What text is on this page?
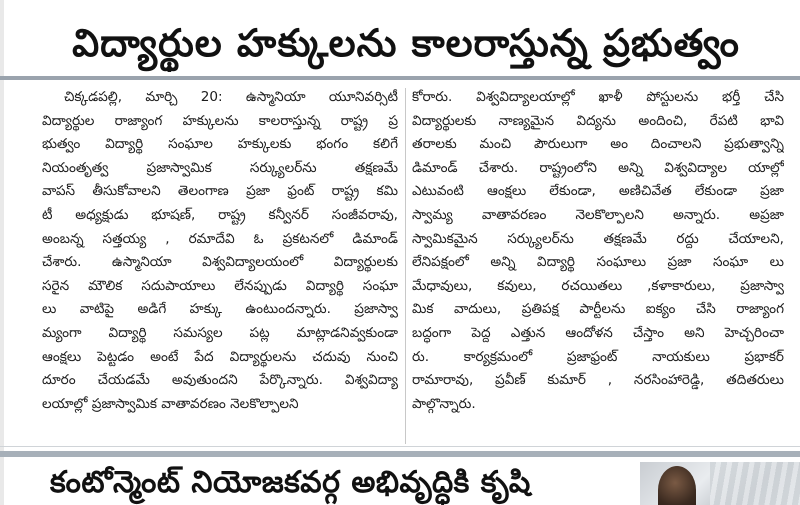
విద్యార్థుల హక్కులను కాలరాస్తున్న ప్రభుత్వం
చిక్కడపల్లి, మార్చి 20: ఉస్మానియా యూనివర్సిటీ
విద్యార్థుల రాజ్యాంగ హక్కులను కాలరాస్తున్న రాష్ట్ర ప్ర
భుత్వం విద్యార్థి సంఘాల హక్కులకు భంగం కలిగే
నియంతృత్వ ప్రజాస్వామిక సర్క్యులర్‌ను తక్షణమే
వాపస్ తీసుకోవాలని తెలంగాణ ప్రజా ఫ్రంట్ రాష్ట్ర కమి
టీ అధ్యక్షుడు భూషణ్, రాష్ట్ర కన్వీనర్ సంజీవరావు,
అంబన్న సత్తయ్య , రమాదేవి ఓ ప్రకటనలో డిమాండ్
చేశారు. ఉస్మానియా విశ్వవిద్యాలయంలో విద్యార్థులకు
సరైన మౌలిక సదుపాయాలు లేనప్పుడు విద్యార్థి సంఘా
లు వాటిపై అడిగే హక్కు ఉంటుందన్నారు. ప్రజాస్వా
మ్యంగా విద్యార్థి సమస్యల పట్ల మాట్లాడనివ్వకుండా
ఆంక్షలు పెట్టడం అంటే పేద విద్యార్థులను చదువు నుంచి
దూరం చేయడమే అవుతుందని పేర్కొన్నారు. విశ్వవిద్యా
లయాల్లో ప్రజాస్వామిక వాతావరణం నెలకొల్పాలని
కోరారు. విశ్వవిద్యాలయాల్లో ఖాళీ పోస్టులను భర్తీ చేసి
విద్యార్థులకు నాణ్యమైన విద్యను అందించి, రేపటి భావి
తరాలకు మంచి పౌరులుగా అం దించాలని ప్రభుత్వాన్ని
డిమాండ్ చేశారు. రాష్ట్రంలోని అన్ని విశ్వవిద్యాల యాల్లో
ఎటువంటి ఆంక్షలు లేకుండా, అణిచివేత లేకుండా ప్రజా
స్వామ్య వాతావరణం నెలకొల్పాలని అన్నారు. అప్రజా
స్వామికమైన సర్క్యులర్‌ను తక్షణమే రద్దు చేయాలని,
లేనిపక్షంలో అన్ని విద్యార్థి సంఘాలు ప్రజా సంఘా లు
మేధావులు, కవులు, రచయితలు ,కళాకారులు, ప్రజాస్వా
మిక వాదులు, ప్రతిపక్ష పార్టీలను ఐక్యం చేసి రాజ్యాంగ
బద్ధంగా పెద్ద ఎత్తున ఆందోళన చేస్తాం అని హెచ్చరించా
రు. కార్యక్రమంలో ప్రజాఫ్రంట్ నాయకులు ప్రభాకర్
రామారావు, ప్రవీణ్ కుమార్ , నరసింహారెడ్డి, తదితరులు
పాల్గొన్నారు.
కంటోన్మెంట్ నియోజకవర్గ అభివృద్ధికి కృషి
